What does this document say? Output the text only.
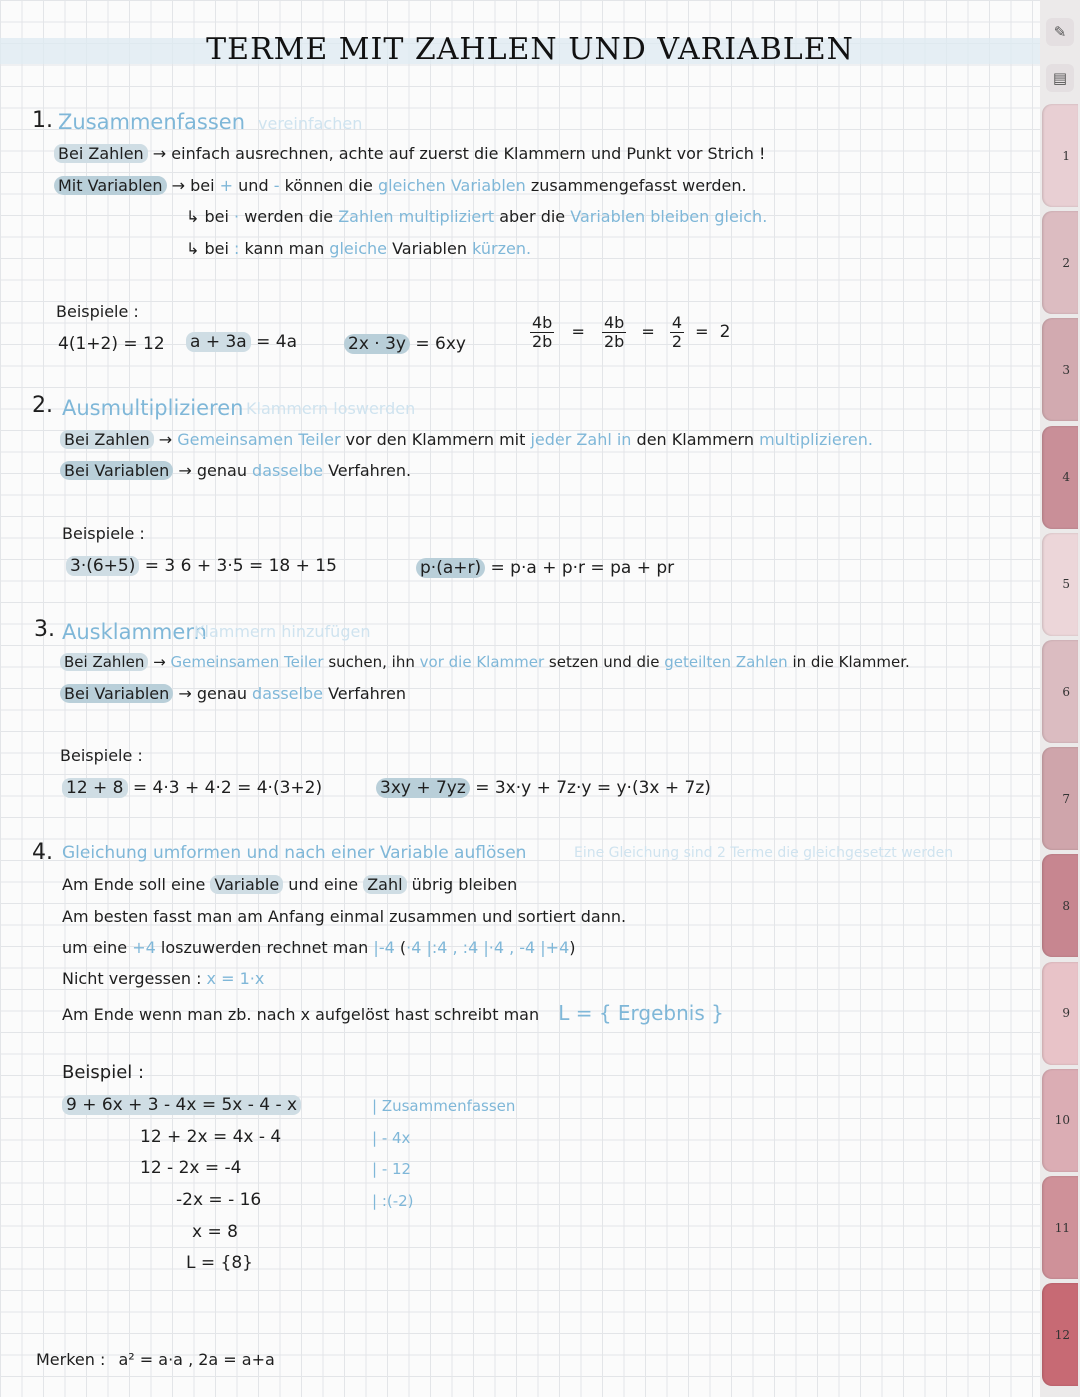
TERME MIT ZAHLEN UND VARIABLEN
1. Zusammenfassen vereinfachen
Bei Zahlen → einfach ausrechnen, achte auf zuerst die Klammern und Punkt vor Strich !
Mit Variablen → bei + und - können die gleichen Variablen zusammengefasst werden.
↳ bei · werden die Zahlen multipliziert aber die Variablen bleiben gleich.
↳ bei : kann man gleiche Variablen kürzen.
Beispiele :
4(1+2) = 12 a + 3a = 4a	2x · 3y = 6xy	$\frac{4b}{2b} = \frac{4b}{2b} = \frac{4}{2} = 2$
2. Ausmultiplizieren Klammern loswerden
Bei Zahlen → Gemeinsamen Teiler vor den Klammern mit jeder Zahl in den Klammern multiplizieren.
Bei Variablen → genau dasselbe Verfahren.
Beispiele :
3·(6+5) = 3 6 + 3·5 = 18 + 15	p·(a+r) = p·a + p·r = pa + pr
3. Ausklammern
Klammern hinzufügen
Bei Zahlen → Gemeinsamen Teiler suchen, ihn vor die Klammer setzen und die geteilten Zahlen in die Klammer.
Bei Variablen → genau dasselbe Verfahren
Beispiele :
12 + 8 = 4·3 + 4·2 = 4·(3+2)	3xy + 7yz = 3x·y + 7z·y = y·(3x + 7z)
4. Gleichung umformen und nach einer Variable auflösen	Eine Gleichung sind 2 Terme die gleichgesetzt werden
Am Ende soll eine Variable und eine Zahl übrig bleiben
Am besten fasst man am Anfang einmal zusammen und sortiert dann.
um eine +4 loszuwerden rechnet man |-4 (·4 |:4 , :4 |·4 , -4 |+4)
Nicht vergessen : x = 1·x
Am Ende wenn man zb. nach x aufgelöst hast schreibt man L = { Ergebnis }
Beispiel :
9 + 6x + 3 - 4x = 5x - 4 - x	| Zusammenfassen
12 + 2x = 4x - 4	| - 4x
12 - 2x = -4	| - 12
-2x = - 16	| :(-2)
x = 8
L = {8}
Merken : a² = a·a , 2a = a+a
✎
▤
1
2
3
4
5
6
7
8
9
10
11
12
